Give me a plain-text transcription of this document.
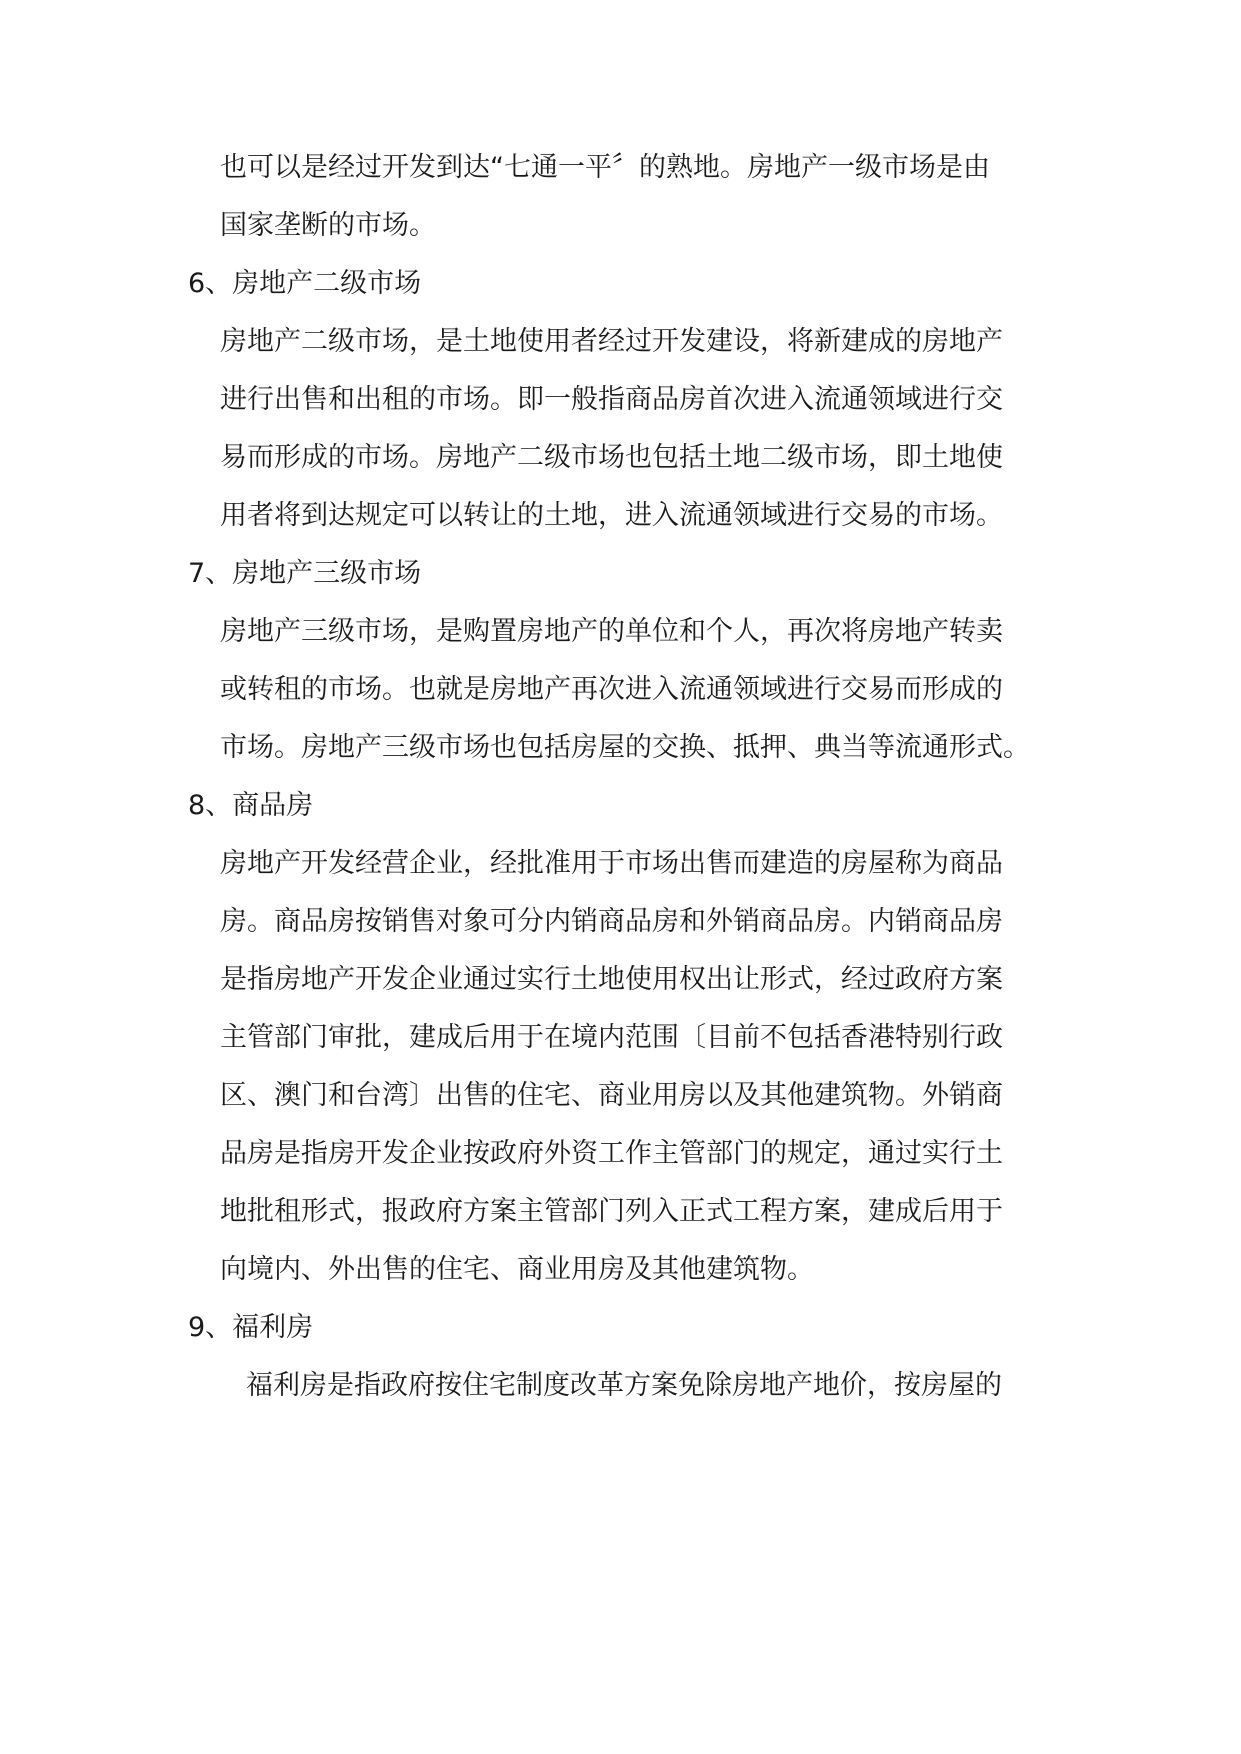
也可以是经过开发到达“七通一平〞的熟地。房地产一级市场是由
国家垄断的市场。
6、房地产二级市场
房地产二级市场，是土地使用者经过开发建设，将新建成的房地产
进行出售和出租的市场。即一般指商品房首次进入流通领域进行交
易而形成的市场。房地产二级市场也包括土地二级市场，即土地使
用者将到达规定可以转让的土地，进入流通领域进行交易的市场。
7、房地产三级市场
房地产三级市场，是购置房地产的单位和个人，再次将房地产转卖
或转租的市场。也就是房地产再次进入流通领域进行交易而形成的
市场。房地产三级市场也包括房屋的交换、抵押、典当等流通形式。
8、商品房
房地产开发经营企业，经批准用于市场出售而建造的房屋称为商品
房。商品房按销售对象可分内销商品房和外销商品房。内销商品房
是指房地产开发企业通过实行土地使用权出让形式，经过政府方案
主管部门审批，建成后用于在境内范围〔目前不包括香港特别行政
区、澳门和台湾〕出售的住宅、商业用房以及其他建筑物。外销商
品房是指房开发企业按政府外资工作主管部门的规定，通过实行土
地批租形式，报政府方案主管部门列入正式工程方案，建成后用于
向境内、外出售的住宅、商业用房及其他建筑物。
9、福利房
福利房是指政府按住宅制度改革方案免除房地产地价，按房屋的
